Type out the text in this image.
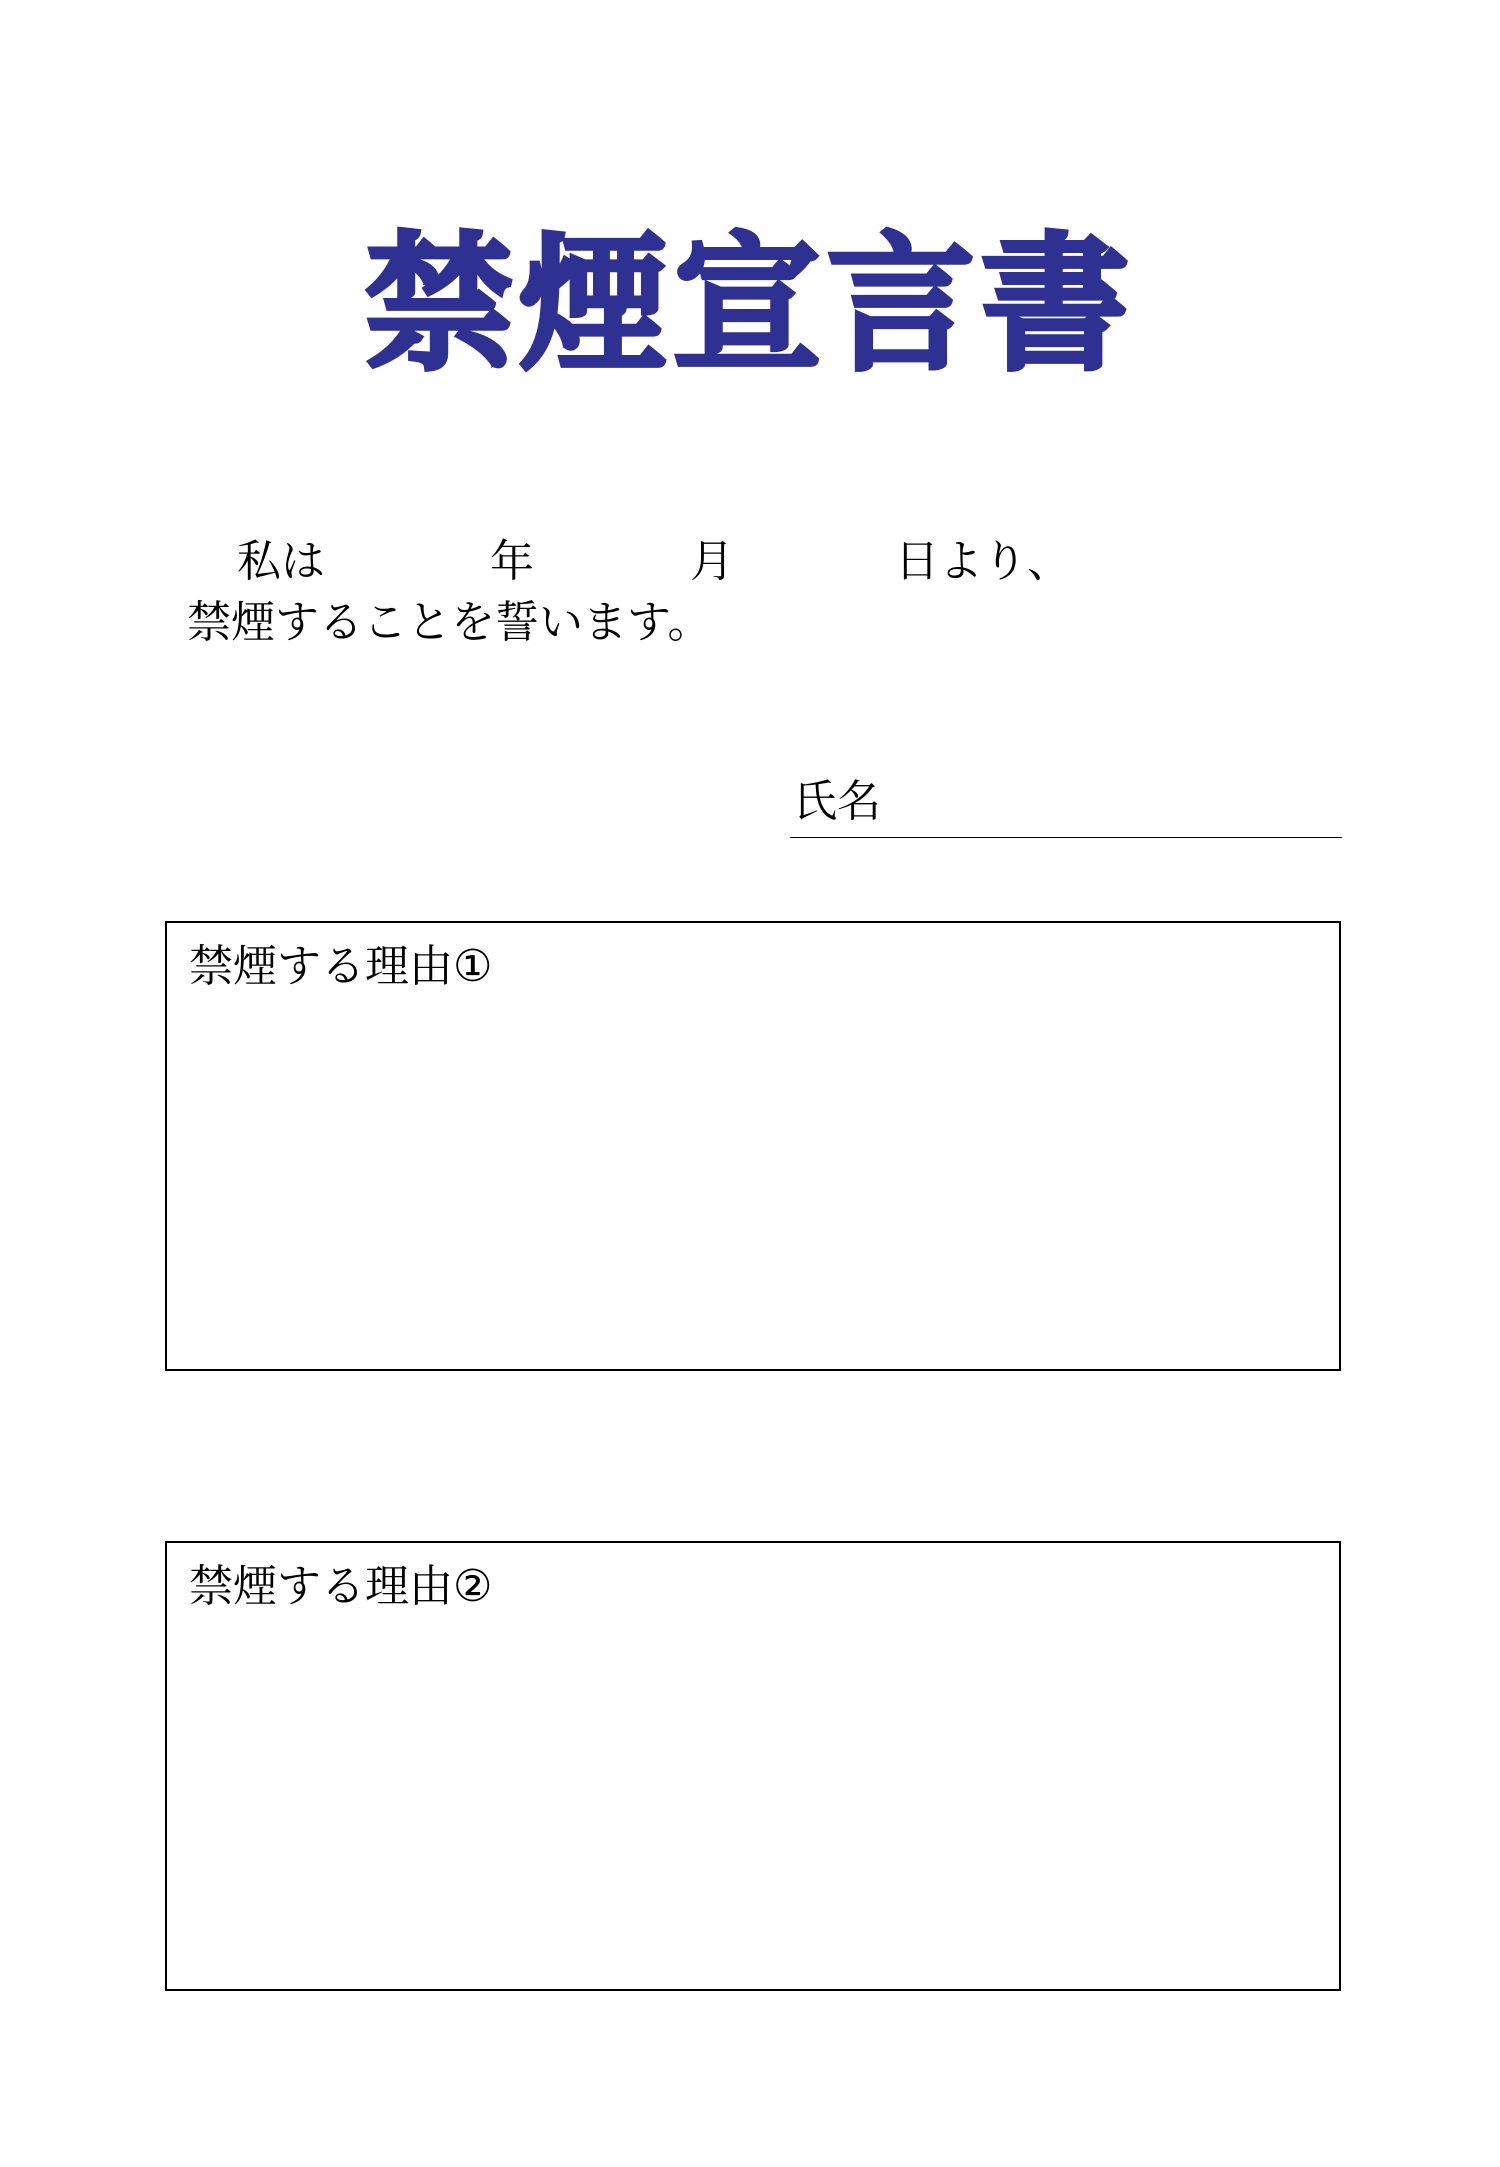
禁煙宣言書
私は	年	月	日より、
禁煙することを誓います。
氏名
禁煙する理由①
禁煙する理由②
